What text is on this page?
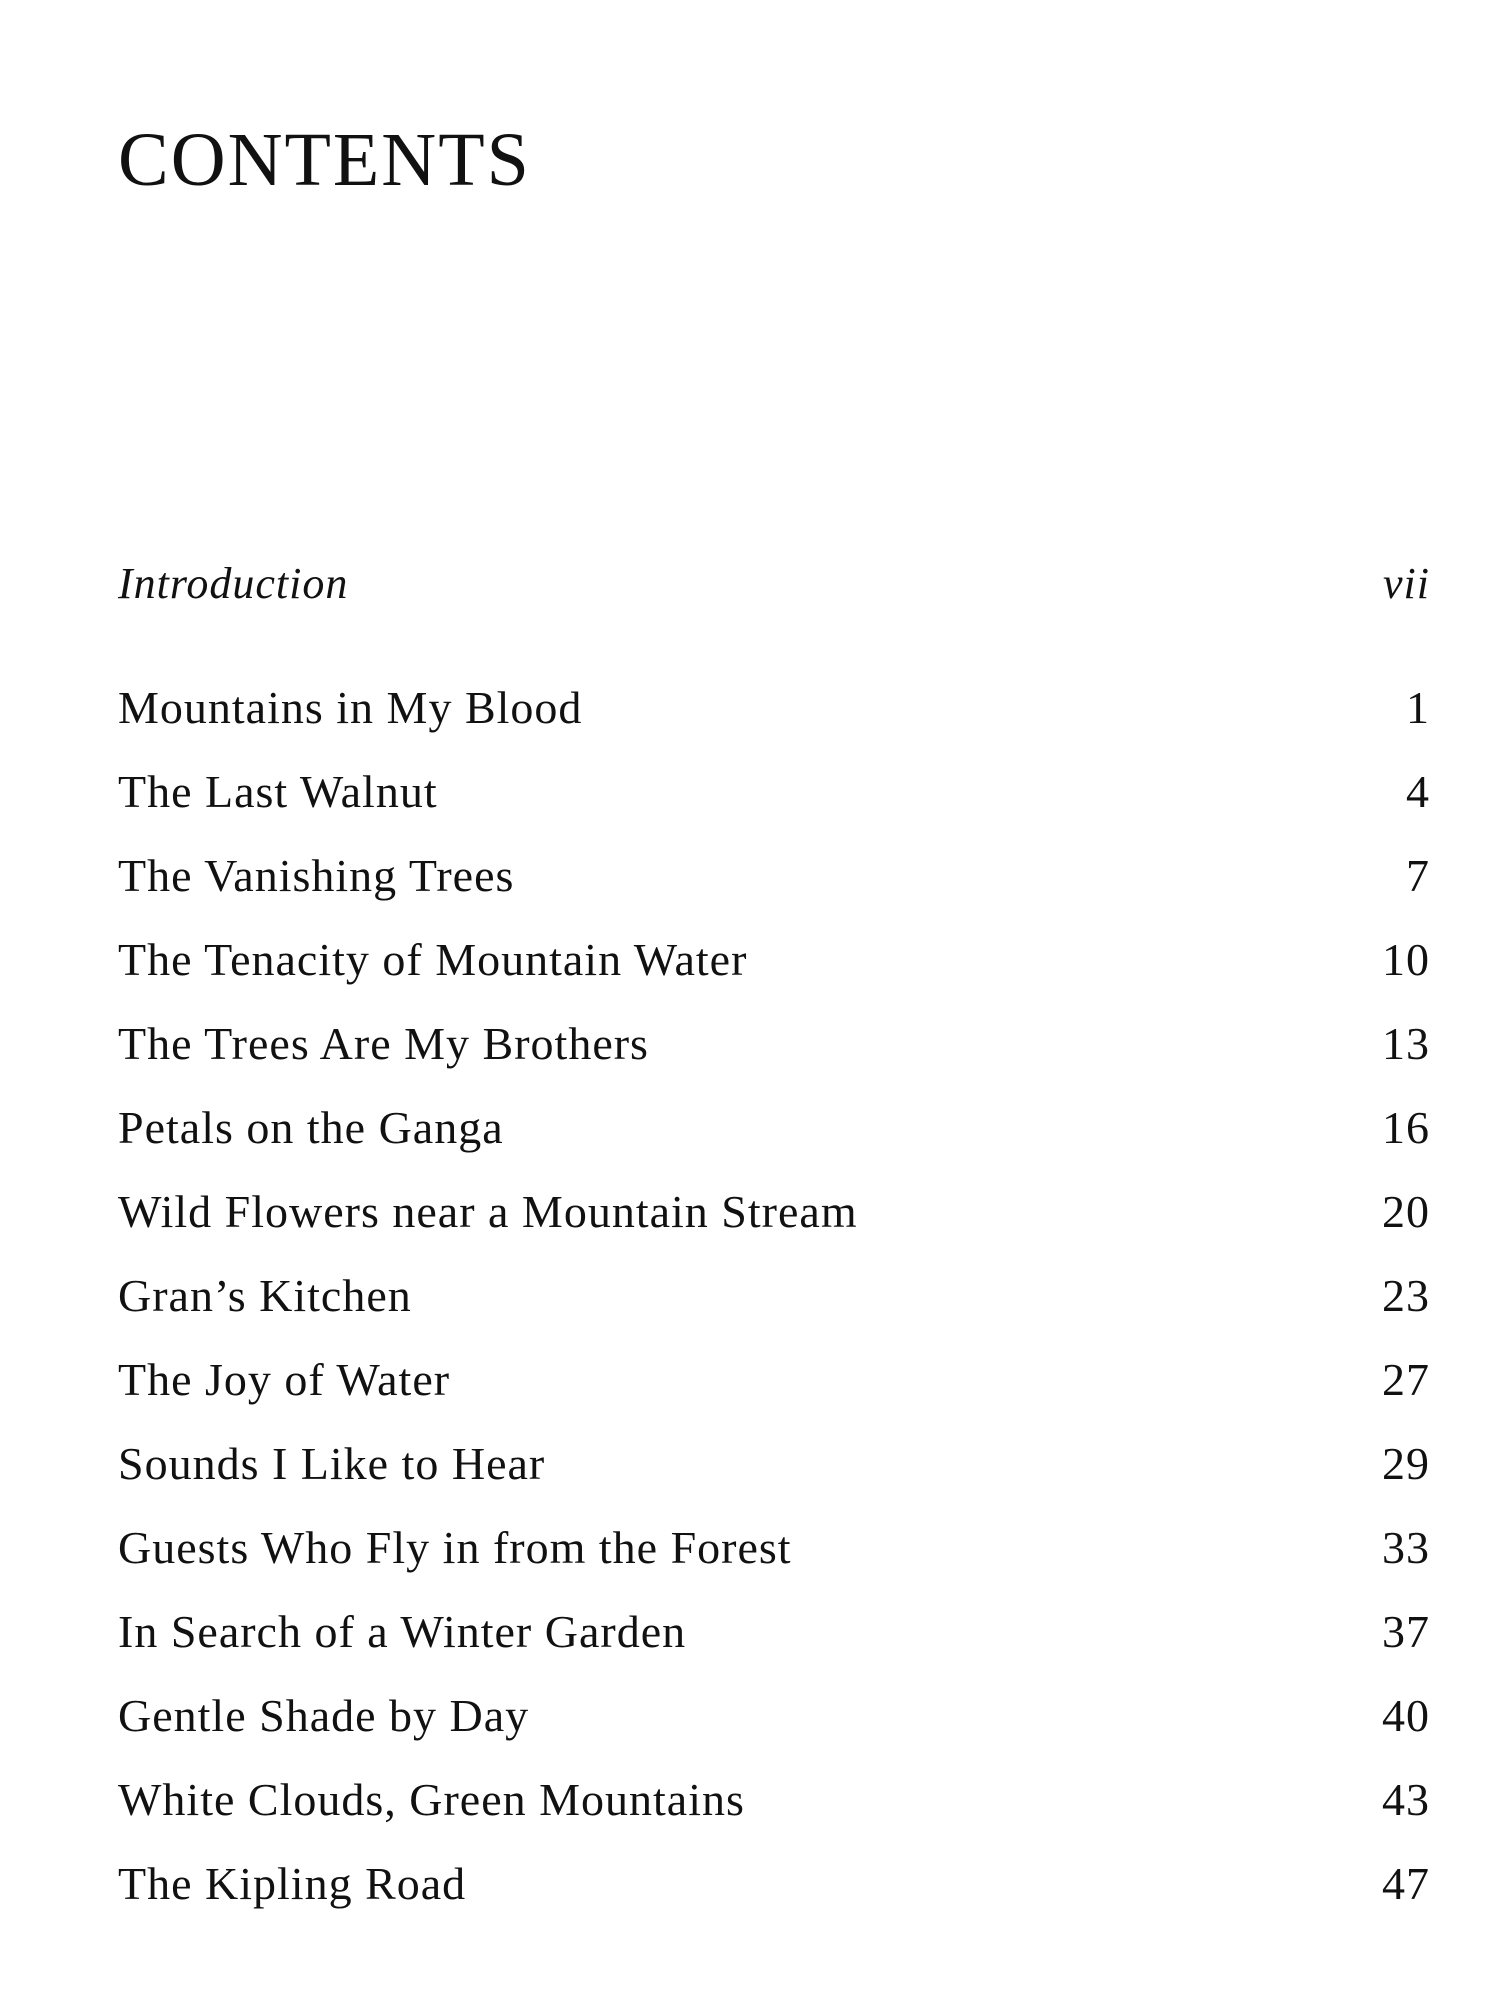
CONTENTS
Introduction	vii
Mountains in My Blood	1
The Last Walnut	4
The Vanishing Trees	7
The Tenacity of Mountain Water	10
The Trees Are My Brothers	13
Petals on the Ganga	16
Wild Flowers near a Mountain Stream	20
Gran’s Kitchen	23
The Joy of Water	27
Sounds I Like to Hear	29
Guests Who Fly in from the Forest	33
In Search of a Winter Garden	37
Gentle Shade by Day	40
White Clouds, Green Mountains	43
The Kipling Road	47
